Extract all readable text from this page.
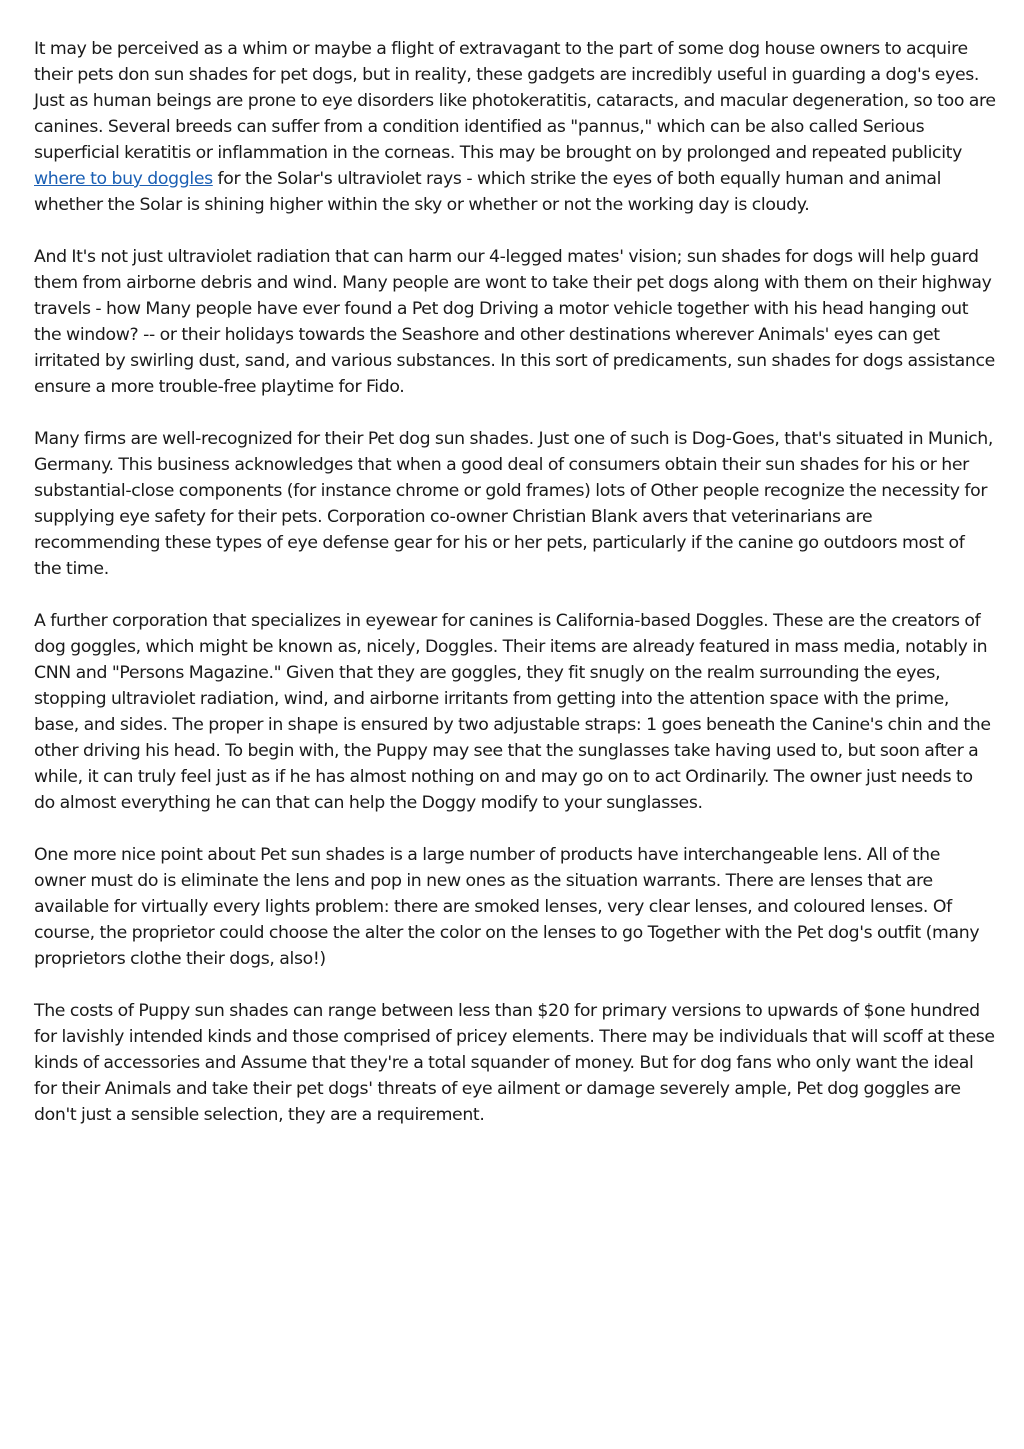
It may be perceived as a whim or maybe a flight of extravagant to the part of some dog house owners to acquire their pets don sun shades for pet dogs, but in reality, these gadgets are incredibly useful in guarding a dog's eyes. Just as human beings are prone to eye disorders like photokeratitis, cataracts, and macular degeneration, so too are canines. Several breeds can suffer from a condition identified as "pannus," which can be also called Serious superficial keratitis or inflammation in the corneas. This may be brought on by prolonged and repeated publicity where to buy doggles for the Solar's ultraviolet rays - which strike the eyes of both equally human and animal whether the Solar is shining higher within the sky or whether or not the working day is cloudy.

And It's not just ultraviolet radiation that can harm our 4-legged mates' vision; sun shades for dogs will help guard them from airborne debris and wind. Many people are wont to take their pet dogs along with them on their highway travels - how Many people have ever found a Pet dog Driving a motor vehicle together with his head hanging out the window? -- or their holidays towards the Seashore and other destinations wherever Animals' eyes can get irritated by swirling dust, sand, and various substances. In this sort of predicaments, sun shades for dogs assistance ensure a more trouble-free playtime for Fido.

Many firms are well-recognized for their Pet dog sun shades. Just one of such is Dog-Goes, that's situated in Munich, Germany. This business acknowledges that when a good deal of consumers obtain their sun shades for his or her substantial-close components (for instance chrome or gold frames) lots of Other people recognize the necessity for supplying eye safety for their pets. Corporation co-owner Christian Blank avers that veterinarians are recommending these types of eye defense gear for his or her pets, particularly if the canine go outdoors most of the time.

A further corporation that specializes in eyewear for canines is California-based Doggles. These are the creators of dog goggles, which might be known as, nicely, Doggles. Their items are already featured in mass media, notably in CNN and "Persons Magazine." Given that they are goggles, they fit snugly on the realm surrounding the eyes, stopping ultraviolet radiation, wind, and airborne irritants from getting into the attention space with the prime, base, and sides. The proper in shape is ensured by two adjustable straps: 1 goes beneath the Canine's chin and the other driving his head. To begin with, the Puppy may see that the sunglasses take having used to, but soon after a while, it can truly feel just as if he has almost nothing on and may go on to act Ordinarily. The owner just needs to do almost everything he can that can help the Doggy modify to your sunglasses.

One more nice point about Pet sun shades is a large number of products have interchangeable lens. All of the owner must do is eliminate the lens and pop in new ones as the situation warrants. There are lenses that are available for virtually every lights problem: there are smoked lenses, very clear lenses, and coloured lenses. Of course, the proprietor could choose the alter the color on the lenses to go Together with the Pet dog's outfit (many proprietors clothe their dogs, also!)

The costs of Puppy sun shades can range between less than $20 for primary versions to upwards of $one hundred for lavishly intended kinds and those comprised of pricey elements. There may be individuals that will scoff at these kinds of accessories and Assume that they're a total squander of money. But for dog fans who only want the ideal for their Animals and take their pet dogs' threats of eye ailment or damage severely ample, Pet dog goggles are don't just a sensible selection, they are a requirement.
